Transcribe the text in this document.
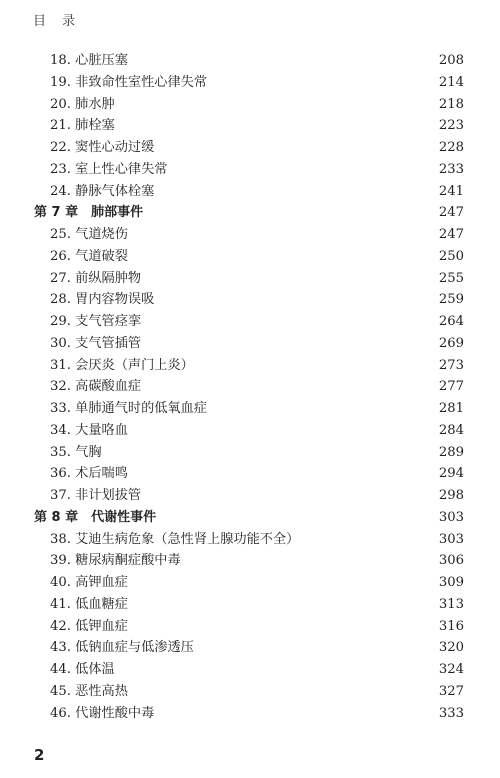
目 录
18. 心脏压塞	208
19. 非致命性室性心律失常	214
20. 肺水肿	218
21. 肺栓塞	223
22. 窦性心动过缓	228
23. 室上性心律失常	233
24. 静脉气体栓塞	241
第 7 章　肺部事件	247
25. 气道烧伤	247
26. 气道破裂	250
27. 前纵隔肿物	255
28. 胃内容物误吸	259
29. 支气管痉挛	264
30. 支气管插管	269
31. 会厌炎（声门上炎）	273
32. 高碳酸血症	277
33. 单肺通气时的低氧血症	281
34. 大量咯血	284
35. 气胸	289
36. 术后喘鸣	294
37. 非计划拔管	298
第 8 章　代谢性事件	303
38. 艾迪生病危象（急性肾上腺功能不全）	303
39. 糖尿病酮症酸中毒	306
40. 高钾血症	309
41. 低血糖症	313
42. 低钾血症	316
43. 低钠血症与低渗透压	320
44. 低体温	324
45. 恶性高热	327
46. 代谢性酸中毒	333
2
